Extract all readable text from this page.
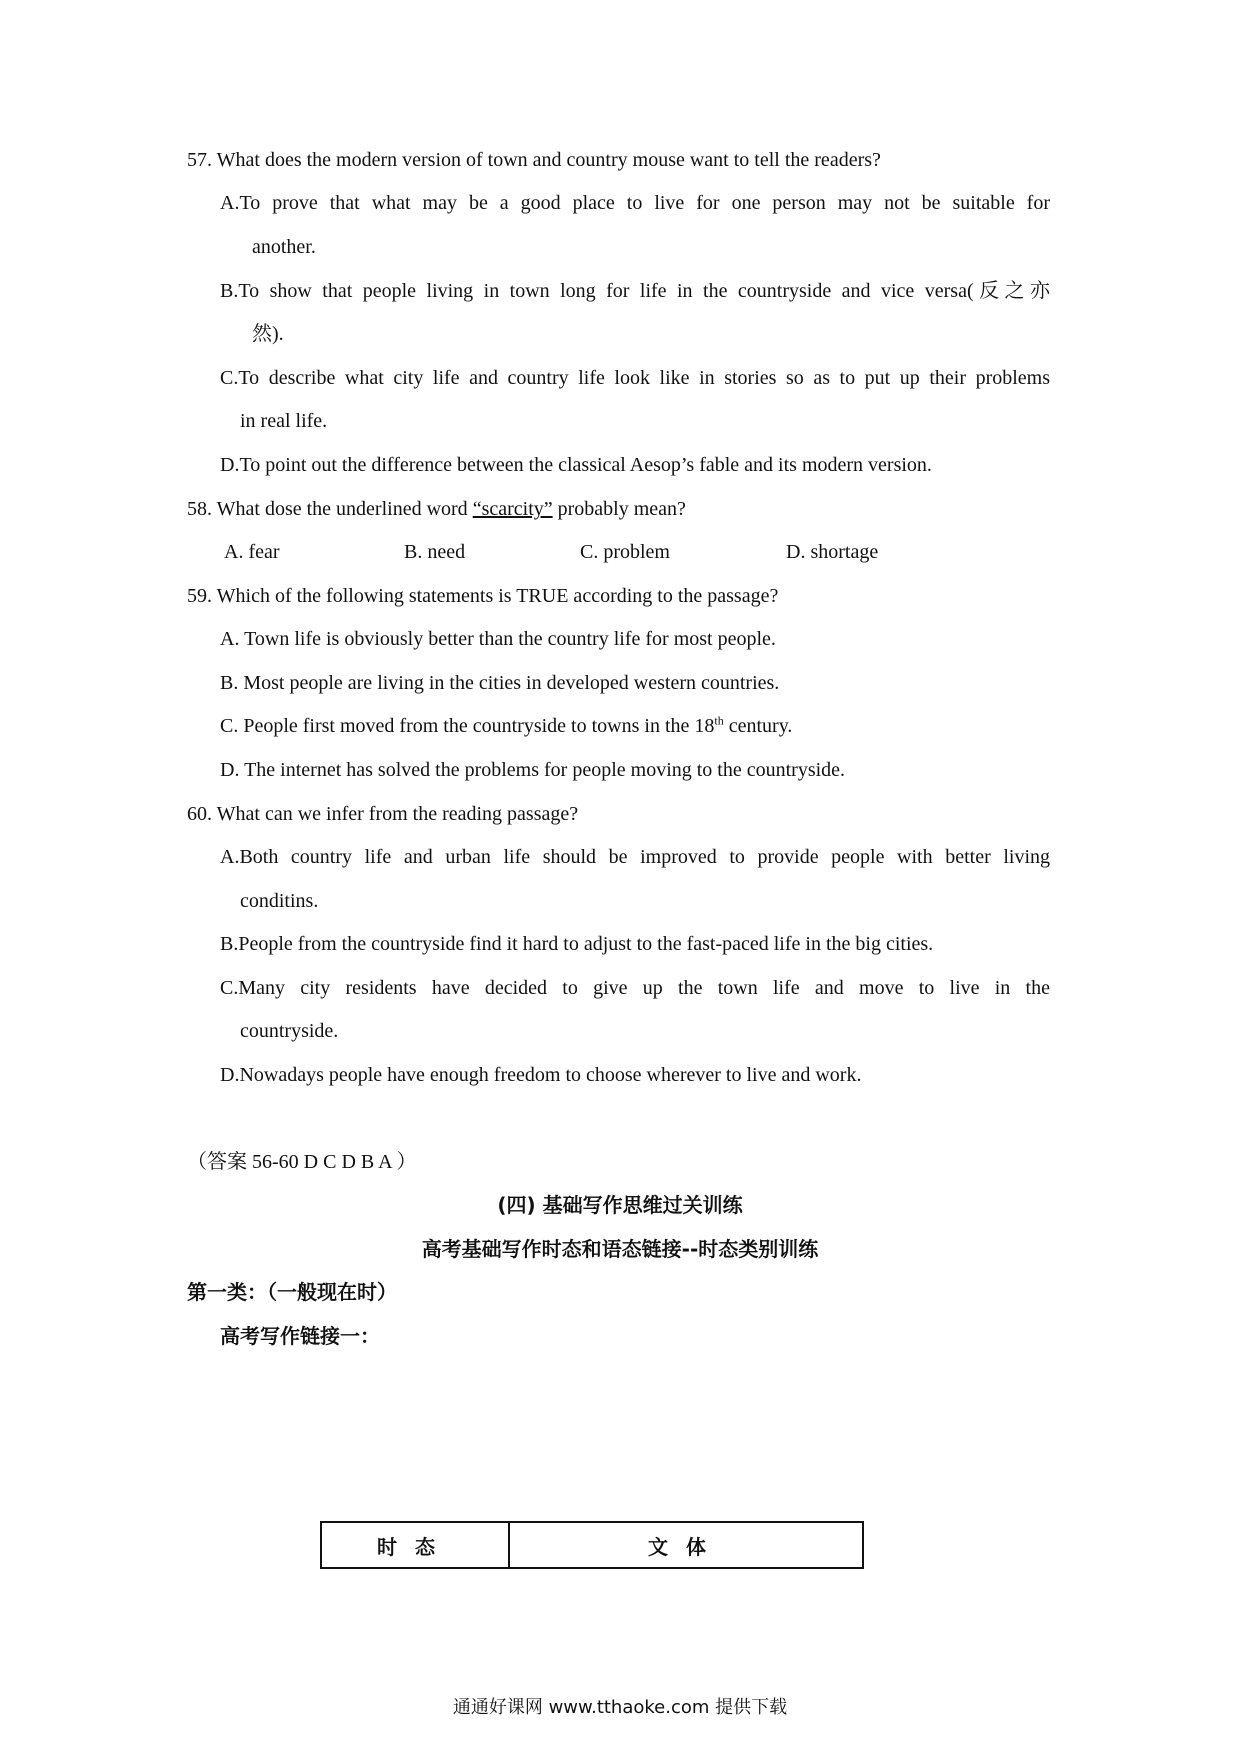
57. What does the modern version of town and country mouse want to tell the readers?
A.To prove that what may be a good place to live for one person may not be suitable for
another.
B.To show that people living in town long for life in the countryside and vice versa(反之亦
然).
C.To describe what city life and country life look like in stories so as to put up their problems
in real life.
D.To point out the difference between the classical Aesop’s fable and its modern version.
58. What dose the underlined word “scarcity” probably mean?
A. fear	B. need	C. problem	D. shortage
59. Which of the following statements is TRUE according to the passage?
A. Town life is obviously better than the country life for most people.
B. Most people are living in the cities in developed western countries.
C. People first moved from the countryside to towns in the 18th century.
D. The internet has solved the problems for people moving to the countryside.
60. What can we infer from the reading passage?
A.Both country life and urban life should be improved to provide people with better living
conditins.
B.People from the countryside find it hard to adjust to the fast-paced life in the big cities.
C.Many city residents have decided to give up the town life and move to live in the
countryside.
D.Nowadays people have enough freedom to choose wherever to live and work.
（答案 56-60 D C D B A ）
(四) 基础写作思维过关训练
高考基础写作时态和语态链接--时态类别训练
第一类：（一般现在时）
高考写作链接一：
时态	文体
通通好课网 www.tthaoke.com 提供下载
